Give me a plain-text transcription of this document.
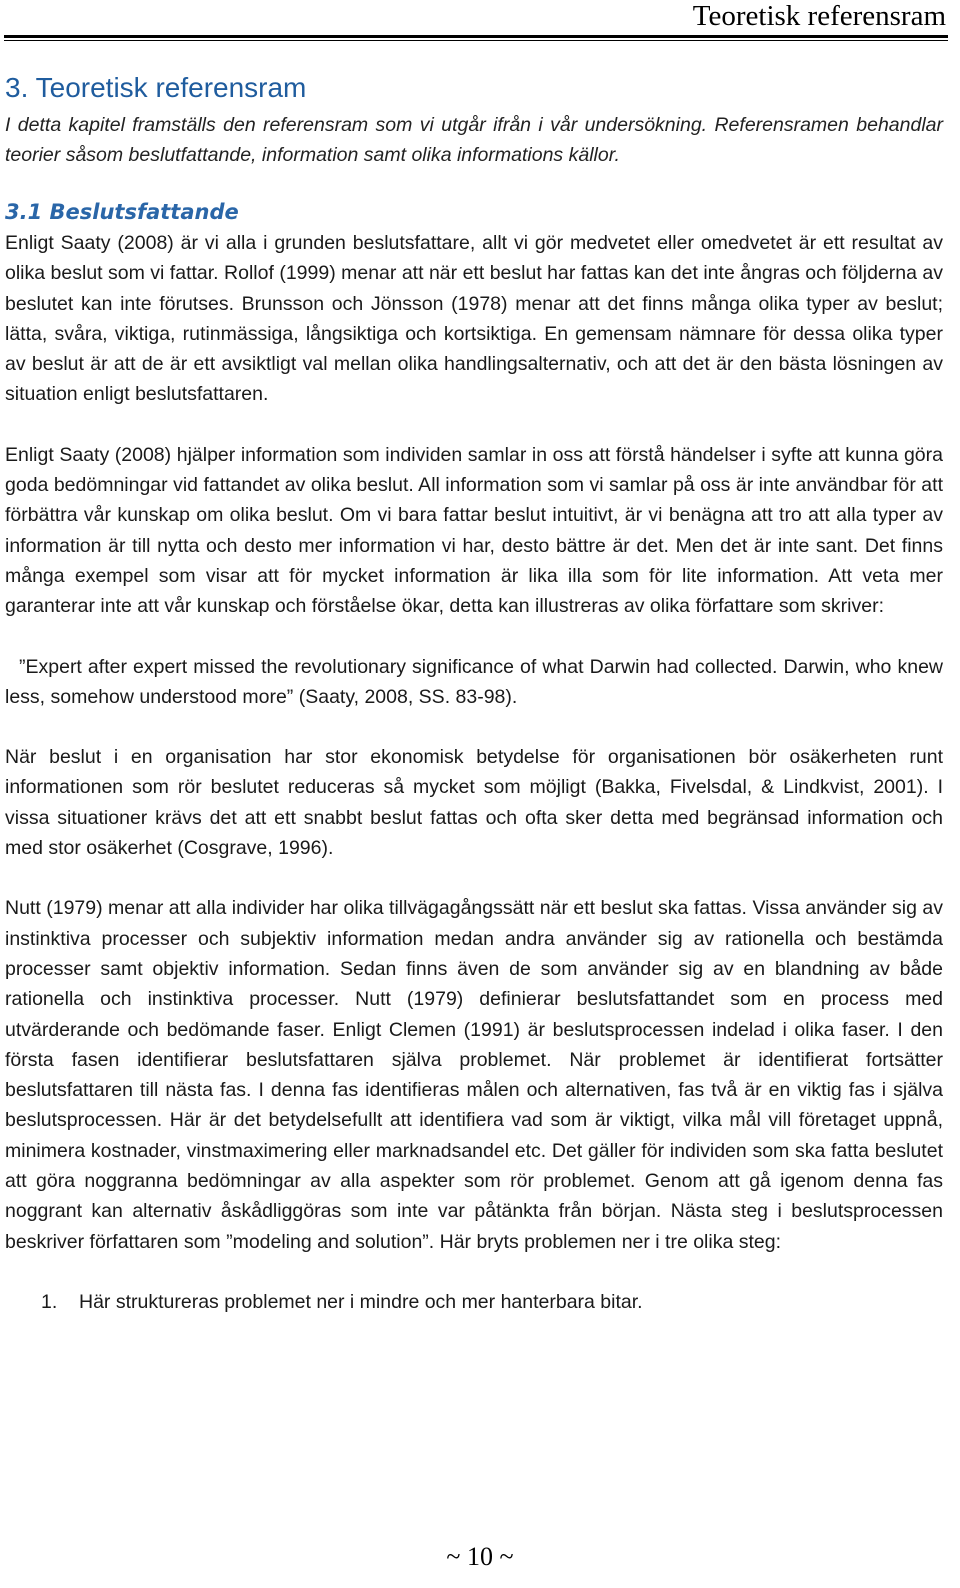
Teoretisk referensram
3. Teoretisk referensram

I detta kapitel framställs den referensram som vi utgår ifrån i vår undersökning. Referensramen behandlar teorier såsom beslutfattande, information samt olika informations källor.

3.1 Beslutsfattande

Enligt Saaty (2008) är vi alla i grunden beslutsfattare, allt vi gör medvetet eller omedvetet är ett resultat av olika beslut som vi fattar. Rollof (1999) menar att när ett beslut har fattas kan det inte ångras och följderna av beslutet kan inte förutses. Brunsson och Jönsson (1978) menar att det finns många olika typer av beslut; lätta, svåra, viktiga, rutinmässiga, långsiktiga och kortsiktiga. En gemensam nämnare för dessa olika typer av beslut är att de är ett avsiktligt val mellan olika handlingsalternativ, och att det är den bästa lösningen av situation enligt beslutsfattaren.

Enligt Saaty (2008) hjälper information som individen samlar in oss att förstå händelser i syfte att kunna göra goda bedömningar vid fattandet av olika beslut. All information som vi samlar på oss är inte användbar för att förbättra vår kunskap om olika beslut. Om vi bara fattar beslut intuitivt, är vi benägna att tro att alla typer av information är till nytta och desto mer information vi har, desto bättre är det. Men det är inte sant. Det finns många exempel som visar att för mycket information är lika illa som för lite information. Att veta mer garanterar inte att vår kunskap och förståelse ökar, detta kan illustreras av olika författare som skriver:

”Expert after expert missed the revolutionary significance of what Darwin had collected. Darwin, who knew less, somehow understood more” (Saaty, 2008, SS. 83-98).

När beslut i en organisation har stor ekonomisk betydelse för organisationen bör osäkerheten runt informationen som rör beslutet reduceras så mycket som möjligt (Bakka, Fivelsdal, & Lindkvist, 2001). I vissa situationer krävs det att ett snabbt beslut fattas och ofta sker detta med begränsad information och med stor osäkerhet (Cosgrave, 1996).

Nutt (1979) menar att alla individer har olika tillvägagångssätt när ett beslut ska fattas. Vissa använder sig av instinktiva processer och subjektiv information medan andra använder sig av rationella och bestämda processer samt objektiv information. Sedan finns även de som använder sig av en blandning av både rationella och instinktiva processer. Nutt (1979) definierar beslutsfattandet som en process med utvärderande och bedömande faser. Enligt Clemen (1991) är beslutsprocessen indelad i olika faser. I den första fasen identifierar beslutsfattaren själva problemet. När problemet är identifierat fortsätter beslutsfattaren till nästa fas. I denna fas identifieras målen och alternativen, fas två är en viktig fas i själva beslutsprocessen. Här är det betydelsefullt att identifiera vad som är viktigt, vilka mål vill företaget uppnå, minimera kostnader, vinstmaximering eller marknadsandel etc. Det gäller för individen som ska fatta beslutet att göra noggranna bedömningar av alla aspekter som rör problemet. Genom att gå igenom denna fas noggrant kan alternativ åskådliggöras som inte var påtänkta från början. Nästa steg i beslutsprocessen beskriver författaren som ”modeling and solution”. Här bryts problemen ner i tre olika steg:

1. Här struktureras problemet ner i mindre och mer hanterbara bitar.
~ 10 ~
